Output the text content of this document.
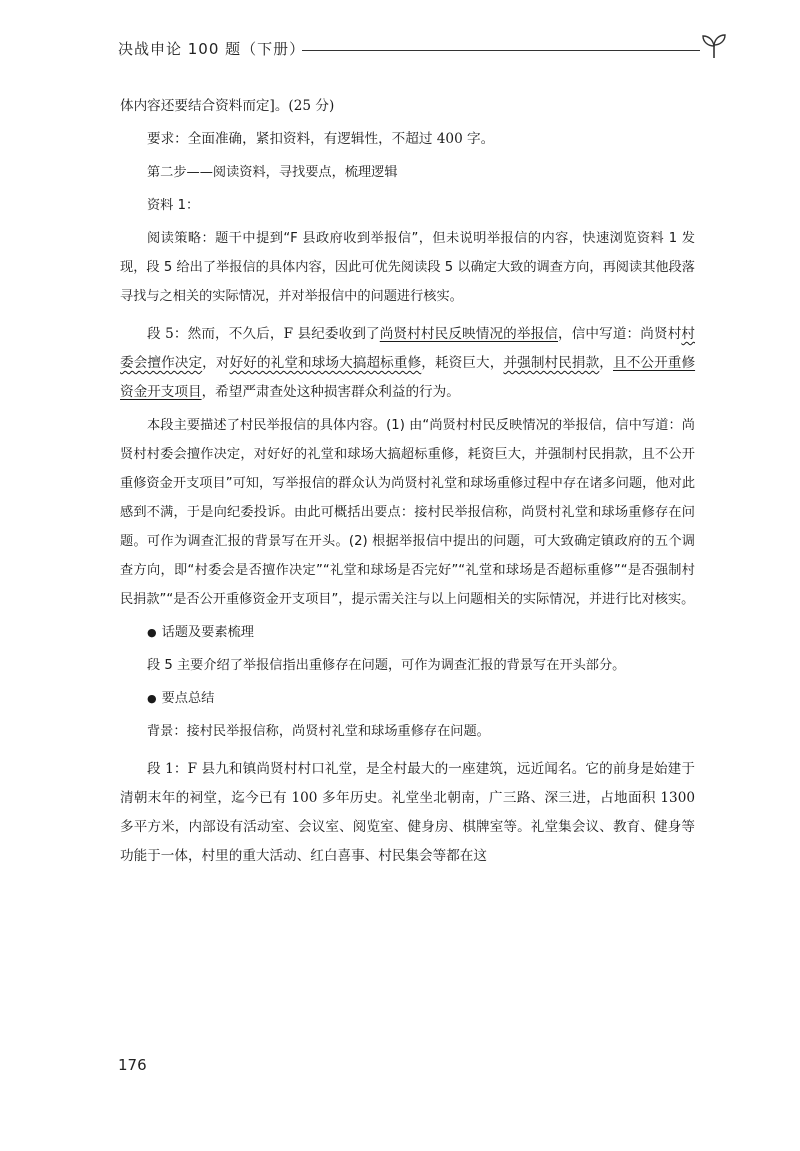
决战申论 100 题（下册）

体内容还要结合资料而定]。(25 分)

要求：全面准确，紧扣资料，有逻辑性，不超过 400 字。

第二步——阅读资料，寻找要点，梳理逻辑

资料 1：

阅读策略：题干中提到“F 县政府收到举报信”，但未说明举报信的内容，快速浏览资料 1 发现，段 5 给出了举报信的具体内容，因此可优先阅读段 5 以确定大致的调查方向，再阅读其他段落寻找与之相关的实际情况，并对举报信中的问题进行核实。

段 5：然而，不久后，F 县纪委收到了尚贤村村民反映情况的举报信，信中写道：尚贤村村委会擅作决定，对好好的礼堂和球场大搞超标重修，耗资巨大，并强制村民捐款，且不公开重修资金开支项目，希望严肃查处这种损害群众利益的行为。

本段主要描述了村民举报信的具体内容。(1) 由“尚贤村村民反映情况的举报信，信中写道：尚贤村村委会擅作决定，对好好的礼堂和球场大搞超标重修，耗资巨大，并强制村民捐款，且不公开重修资金开支项目”可知，写举报信的群众认为尚贤村礼堂和球场重修过程中存在诸多问题，他对此感到不满，于是向纪委投诉。由此可概括出要点：接村民举报信称，尚贤村礼堂和球场重修存在问题。可作为调查汇报的背景写在开头。(2) 根据举报信中提出的问题，可大致确定镇政府的五个调查方向，即“村委会是否擅作决定”“礼堂和球场是否完好”“礼堂和球场是否超标重修”“是否强制村民捐款”“是否公开重修资金开支项目”，提示需关注与以上问题相关的实际情况，并进行比对核实。

● 话题及要素梳理

段 5 主要介绍了举报信指出重修存在问题，可作为调查汇报的背景写在开头部分。

● 要点总结

背景：接村民举报信称，尚贤村礼堂和球场重修存在问题。

段 1：F 县九和镇尚贤村村口礼堂，是全村最大的一座建筑，远近闻名。它的前身是始建于清朝末年的祠堂，迄今已有 100 多年历史。礼堂坐北朝南，广三路、深三进，占地面积 1300 多平方米，内部设有活动室、会议室、阅览室、健身房、棋牌室等。礼堂集会议、教育、健身等功能于一体，村里的重大活动、红白喜事、村民集会等都在这

176
